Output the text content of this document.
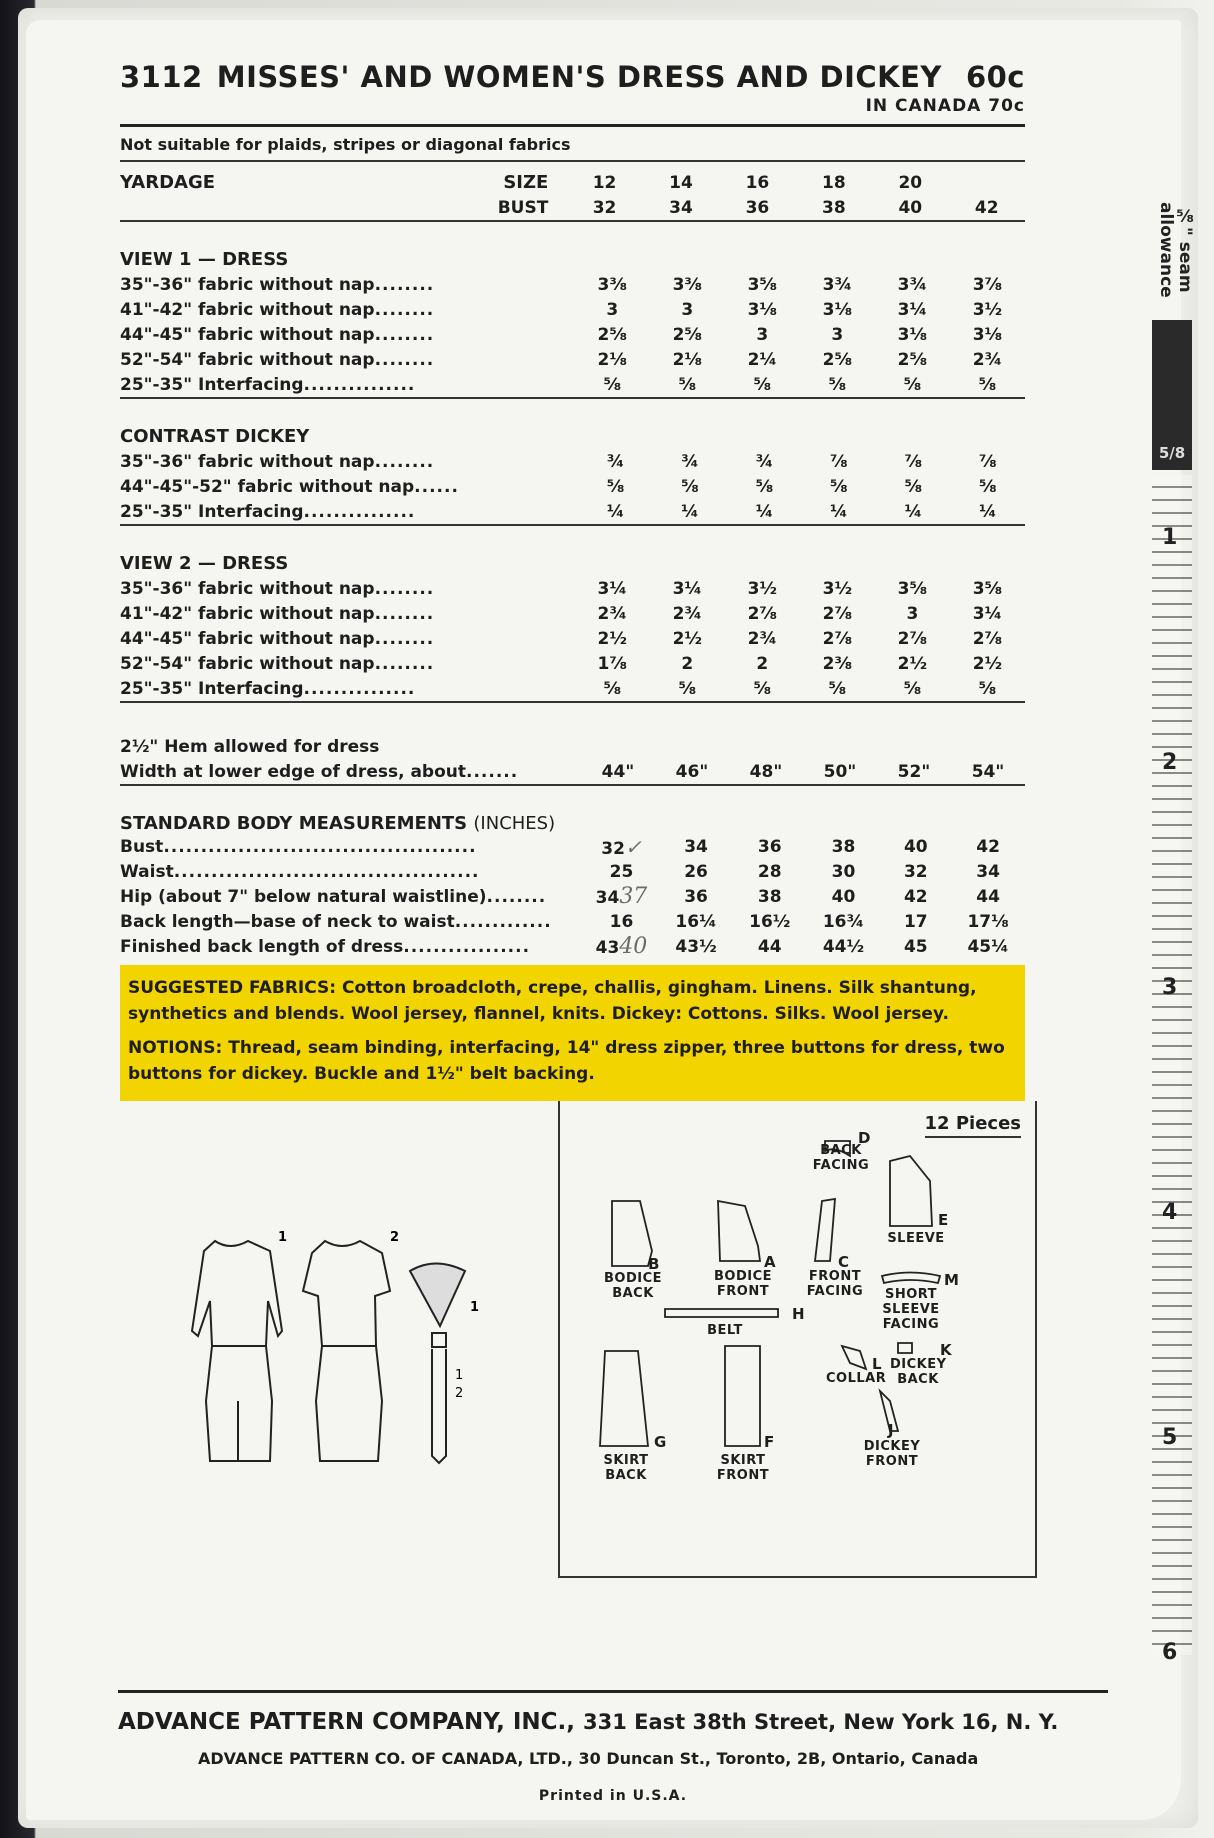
⅝" seam allowance
5/8
1
2
3
4
5
6
3112 MISSES' AND WOMEN'S DRESS AND DICKEY 60c
IN CANADA 70c
Not suitable for plaids, stripes or diagonal fabrics
YARDAGE SIZE	12	14	16	18	20	

BUST	32	34	36	38	40	42

VIEW 1 — DRESS						
35"-36" fabric without nap........	3⅜	3⅜	3⅝	3¾	3¾	3⅞
41"-42" fabric without nap........	3	3	3⅛	3⅛	3¼	3½
44"-45" fabric without nap........	2⅝	2⅝	3	3	3⅛	3⅛
52"-54" fabric without nap........	2⅛	2⅛	2¼	2⅝	2⅝	2¾
25"-35" Interfacing...............	⅝	⅝	⅝	⅝	⅝	⅝

CONTRAST DICKEY						
35"-36" fabric without nap........	¾	¾	¾	⅞	⅞	⅞
44"-45"-52" fabric without nap......	⅝	⅝	⅝	⅝	⅝	⅝
25"-35" Interfacing...............	¼	¼	¼	¼	¼	¼

VIEW 2 — DRESS						
35"-36" fabric without nap........	3¼	3¼	3½	3½	3⅝	3⅝
41"-42" fabric without nap........	2¾	2¾	2⅞	2⅞	3	3¼
44"-45" fabric without nap........	2½	2½	2¾	2⅞	2⅞	2⅞
52"-54" fabric without nap........	1⅞	2	2	2⅜	2½	2½
25"-35" Interfacing...............	⅝	⅝	⅝	⅝	⅝	⅝

2½" Hem allowed for dress
Width at lower edge of dress, about.......	44"	46"	48"	50"	52"	54"

STANDARD BODY MEASUREMENTS (INCHES)
Bust..........................................	32✓	34	36	38	40	42
Waist.........................................	25	26	28	30	32	34
Hip (about 7" below natural waistline)........	3437	36	38	40	42	44
Back length—base of neck to waist.............	16	16¼	16½	16¾	17	17⅛
Finished back length of dress.................	4340	43½	44	44½	45	45¼

SUGGESTED FABRICS: Cotton broadcloth, crepe, challis, gingham. Linens. Silk shantung, synthetics and blends. Wool jersey, flannel, knits. Dickey: Cottons. Silks. Wool jersey.

NOTIONS: Thread, seam binding, interfacing, 14" dress zipper, three buttons for dress, two buttons for dickey. Buckle and 1½" belt backing.

1	2
1
1
2
12 Pieces
D
BACK FACING
E
SLEEVE
B
BODICE BACK
A
BODICE FRONT
C
FRONT FACING
M
SHORT SLEEVE FACING
H
BELT
L
COLLAR
K
DICKEY BACK
G
SKIRT BACK
F
SKIRT FRONT
J
DICKEY FRONT
ADVANCE PATTERN COMPANY, INC., 331 East 38th Street, New York 16, N. Y.
ADVANCE PATTERN CO. OF CANADA, LTD., 30 Duncan St., Toronto, 2B, Ontario, Canada
Printed in U.S.A.
